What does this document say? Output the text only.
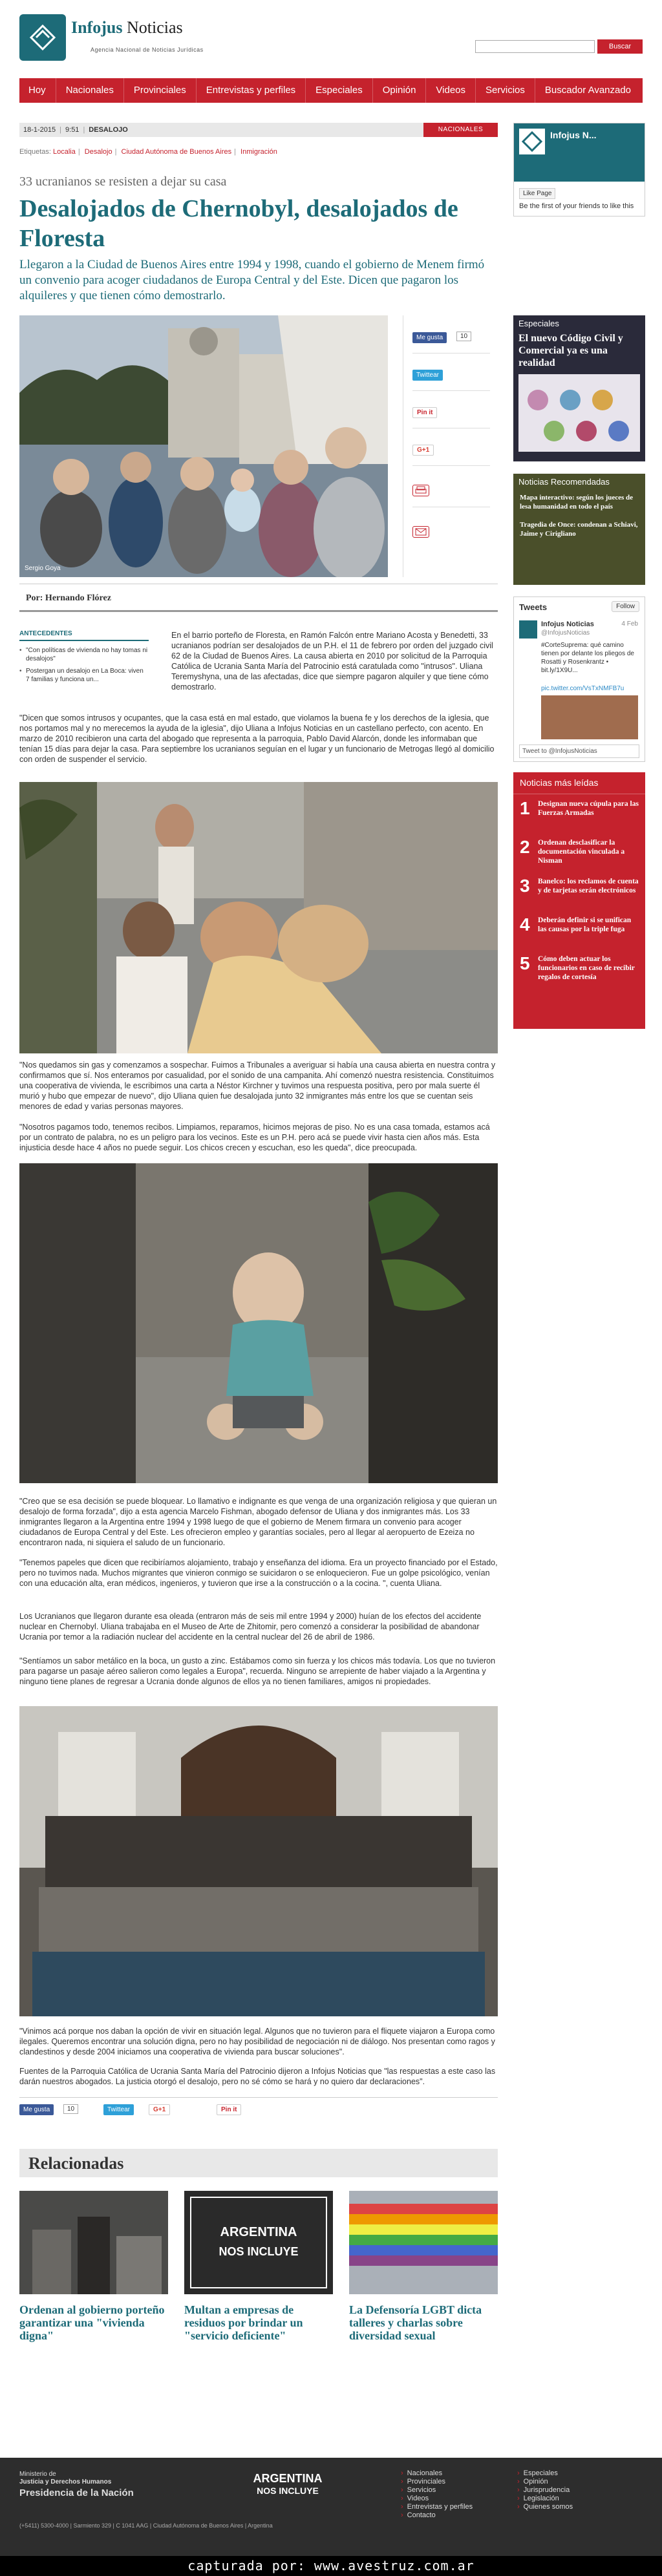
Infojus Noticias
Agencia Nacional de Noticias Jurídicas	Buscar
Hoy	Nacionales	Provinciales	Entrevistas y perfiles	Especiales	Opinión	Videos	Servicios	Buscador Avanzado
18-1-2015 | 9:51 | DESALOJO	NACIONALES
Etiquetas: Localia | Desalojo | Ciudad Autónoma de Buenos Aires | Inmigración
33 ucranianos se resisten a dejar su casa
Desalojados de Chernobyl, desalojados de Floresta
Llegaron a la Ciudad de Buenos Aires entre 1994 y 1998, cuando el gobierno de Menem firmó un convenio para acoger ciudadanos de Europa Central y del Este. Dicen que pagaron los alquileres y que tienen cómo demostrarlo.
Sergio Goya
Por: Hernando Flórez
Me gusta	10
Twittear
Pin it
G+1
ANTECEDENTES
• "Con políticas de vivienda no hay tomas ni desalojos"
• Postergan un desalojo en La Boca: viven 7 familias y funciona un...
En el barrio porteño de Floresta, en Ramón Falcón entre Mariano Acosta y Benedetti, 33 ucranianos podrían ser desalojados de un P.H. el 11 de febrero por orden del juzgado civil 62 de la Ciudad de Buenos Aires. La causa abierta en 2010 por solicitud de la Parroquia Católica de Ucrania Santa María del Patrocinio está caratulada como "intrusos". Uliana Teremyshyna, una de las afectadas, dice que siempre pagaron alquiler y que tiene cómo demostrarlo.
"Dicen que somos intrusos y ocupantes, que la casa está en mal estado, que violamos la buena fe y los derechos de la iglesia, que nos portamos mal y no merecemos la ayuda de la iglesia", dijo Uliana a Infojus Noticias en un castellano perfecto, con acento. En marzo de 2010 recibieron una carta del abogado que representa a la parroquia, Pablo David Alarcón, donde les informaban que tenían 15 días para dejar la casa. Para septiembre los ucranianos seguían en el lugar y un funcionario de Metrogas llegó al domicilio con orden de suspender el servicio.
"Nos quedamos sin gas y comenzamos a sospechar. Fuimos a Tribunales a averiguar si había una causa abierta en nuestra contra y confirmamos que sí. Nos enteramos por casualidad, por el sonido de una campanita. Ahí comenzó nuestra resistencia. Constituimos una cooperativa de vivienda, le escribimos una carta a Néstor Kirchner y tuvimos una respuesta positiva, pero por mala suerte él murió y hubo que empezar de nuevo", dijo Uliana quien fue desalojada junto 32 inmigrantes más entre los que se cuentan seis menores de edad y varias personas mayores.
"Nosotros pagamos todo, tenemos recibos. Limpiamos, reparamos, hicimos mejoras de piso. No es una casa tomada, estamos acá por un contrato de palabra, no es un peligro para los vecinos. Este es un P.H. pero acá se puede vivir hasta cien años más. Esta injusticia desde hace 4 años no puede seguir. Los chicos crecen y escuchan, eso les queda", dice preocupada.
"Creo que se esa decisión se puede bloquear. Lo llamativo e indignante es que venga de una organización religiosa y que quieran un desalojo de forma forzada", dijo a esta agencia Marcelo Fishman, abogado defensor de Uliana y dos inmigrantes más. Los 33 inmigrantes llegaron a la Argentina entre 1994 y 1998 luego de que el gobierno de Menem firmara un convenio para acoger ciudadanos de Europa Central y del Este. Les ofrecieron empleo y garantías sociales, pero al llegar al aeropuerto de Ezeiza no encontraron nada, ni siquiera el saludo de un funcionario.
"Tenemos papeles que dicen que recibiríamos alojamiento, trabajo y enseñanza del idioma. Era un proyecto financiado por el Estado, pero no tuvimos nada. Muchos migrantes que vinieron conmigo se suicidaron o se enloquecieron. Fue un golpe psicológico, venían con una educación alta, eran médicos, ingenieros, y tuvieron que irse a la construcción o a la cocina. ", cuenta Uliana.
Los Ucranianos que llegaron durante esa oleada (entraron más de seis mil entre 1994 y 2000) huían de los efectos del accidente nuclear en Chernobyl. Uliana trabajaba en el Museo de Arte de Zhitomir, pero comenzó a considerar la posibilidad de abandonar Ucrania por temor a la radiación nuclear del accidente en la central nuclear del 26 de abril de 1986.
"Sentíamos un sabor metálico en la boca, un gusto a zinc. Estábamos como sin fuerza y los chicos más todavía. Los que no tuvieron para pagarse un pasaje aéreo salieron como legales a Europa", recuerda. Ninguno se arrepiente de haber viajado a la Argentina y ninguno tiene planes de regresar a Ucrania donde algunos de ellos ya no tienen familiares, amigos ni propiedades.
"Vinimos acá porque nos daban la opción de vivir en situación legal. Algunos que no tuvieron para el fliquete viajaron a Europa como ilegales. Queremos encontrar una solución digna, pero no hay posibilidad de negociación ni de diálogo. Nos presentan como ragos y clandestinos y desde 2004 iniciamos una cooperativa de vivienda para buscar soluciones".
Fuentes de la Parroquia Católica de Ucrania Santa María del Patrocinio dijeron a Infojus Noticias que "las respuestas a este caso las darán nuestros abogados. La justicia otorgó el desalojo, pero no sé cómo se hará y no quiero dar declaraciones".
Me gusta	10	Twittear	G+1	Pin it
Relacionadas
Ordenan al gobierno porteño garantizar una "vivienda digna"
ARGENTINA
NOS INCLUYE
Multan a empresas de residuos por brindar un "servicio deficiente"
La Defensoría LGBT dicta talleres y charlas sobre diversidad sexual
Infojus N...
Like Page
Be the first of your friends to like this
Especiales
El nuevo Código Civil y Comercial ya es una realidad
Noticias Recomendadas
Mapa interactivo: según los jueces de lesa humanidad en todo el país
Tragedia de Once: condenan a Schiavi, Jaime y Cirigliano
Tweets	Follow
Infojus Noticias	4 Feb
@InfojusNoticias
#CorteSuprema: qué camino tienen por delante los pliegos de Rosatti y Rosenkrantz • bit.ly/1X9U...
pic.twitter.com/VsTxNMFB7u
Tweet to @InfojusNoticias
Noticias más leídas
1 Designan nueva cúpula para las Fuerzas Armadas
2 Ordenan desclasificar la documentación vinculada a Nisman
3 Banelco: los reclamos de cuenta y de tarjetas serán electrónicos
4 Deberán definir si se unifican las causas por la triple fuga
5 Cómo deben actuar los funcionarios en caso de recibir regalos de cortesía
Ministerio de
Justicia y Derechos Humanos
Presidencia de la Nación
ARGENTINA
NOS INCLUYE
(+5411) 5300-4000 | Sarmiento 329 | C 1041 AAG | Ciudad Autónoma de Buenos Aires | Argentina
› Nacionales
› Provinciales
› Servicios
› Videos
› Entrevistas y perfiles
› Contacto
› Especiales
› Opinión
› Jurisprudencia
› Legislación
› Quienes somos
capturada por: www.avestruz.com.ar
